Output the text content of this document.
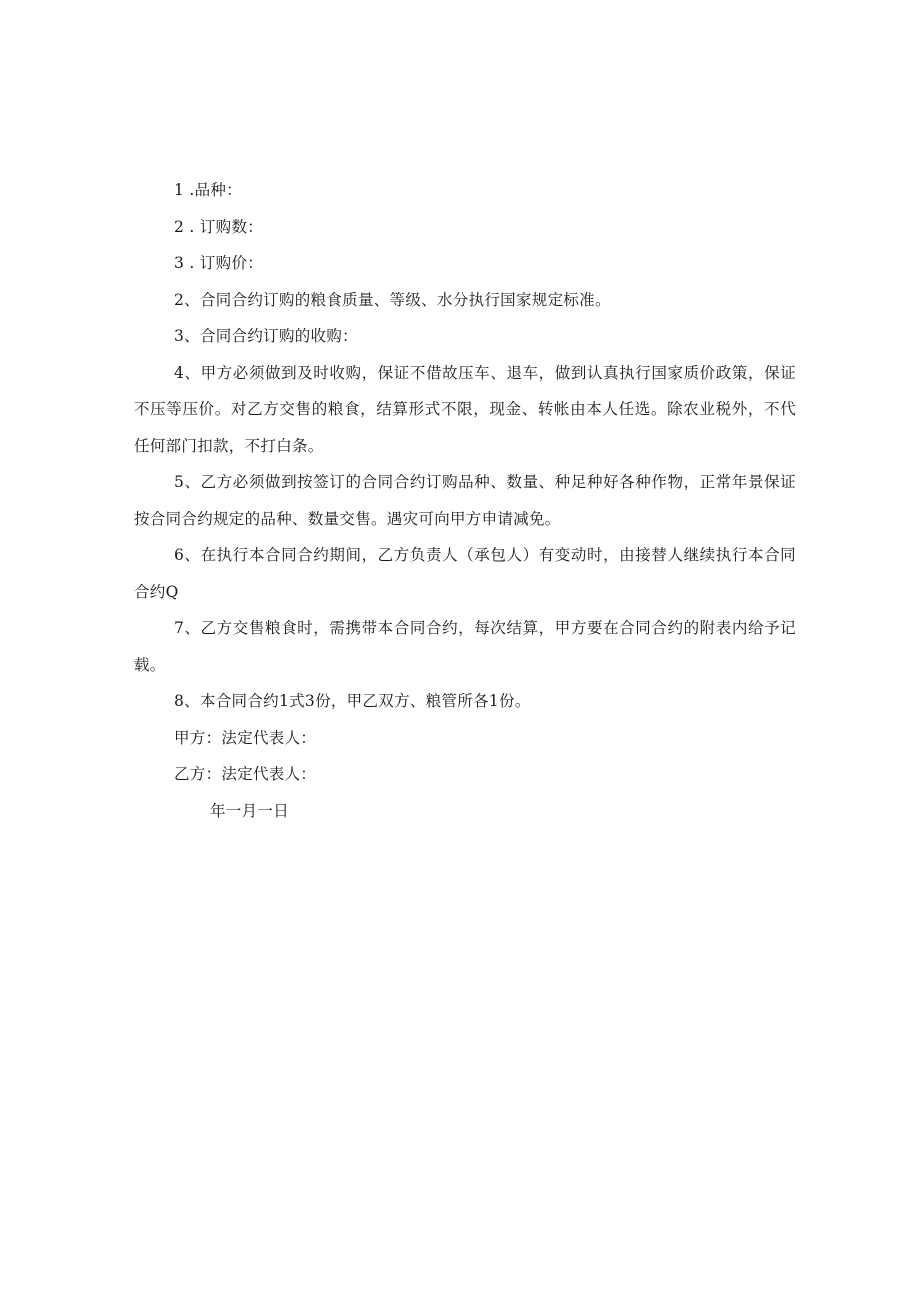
1 .品种：

2 . 订购数：

3 . 订购价：

2、合同合约订购的粮食质量、等级、水分执行国家规定标准。

3、合同合约订购的收购：

4、甲方必须做到及时收购，保证不借故压车、退车，做到认真执行国家质价政策，保证不压等压价。对乙方交售的粮食，结算形式不限，现金、转帐由本人任选。除农业税外，不代任何部门扣款，不打白条。

5、乙方必须做到按签订的合同合约订购品种、数量、种足种好各种作物，正常年景保证按合同合约规定的品种、数量交售。遇灾可向甲方申请减免。

6、在执行本合同合约期间，乙方负责人（承包人）有变动时，由接替人继续执行本合同合约Q

7、乙方交售粮食时，需携带本合同合约，每次结算，甲方要在合同合约的附表内给予记载。

8、本合同合约1式3份，甲乙双方、粮管所各1份。

甲方：法定代表人：

乙方：法定代表人：

年一月一日
